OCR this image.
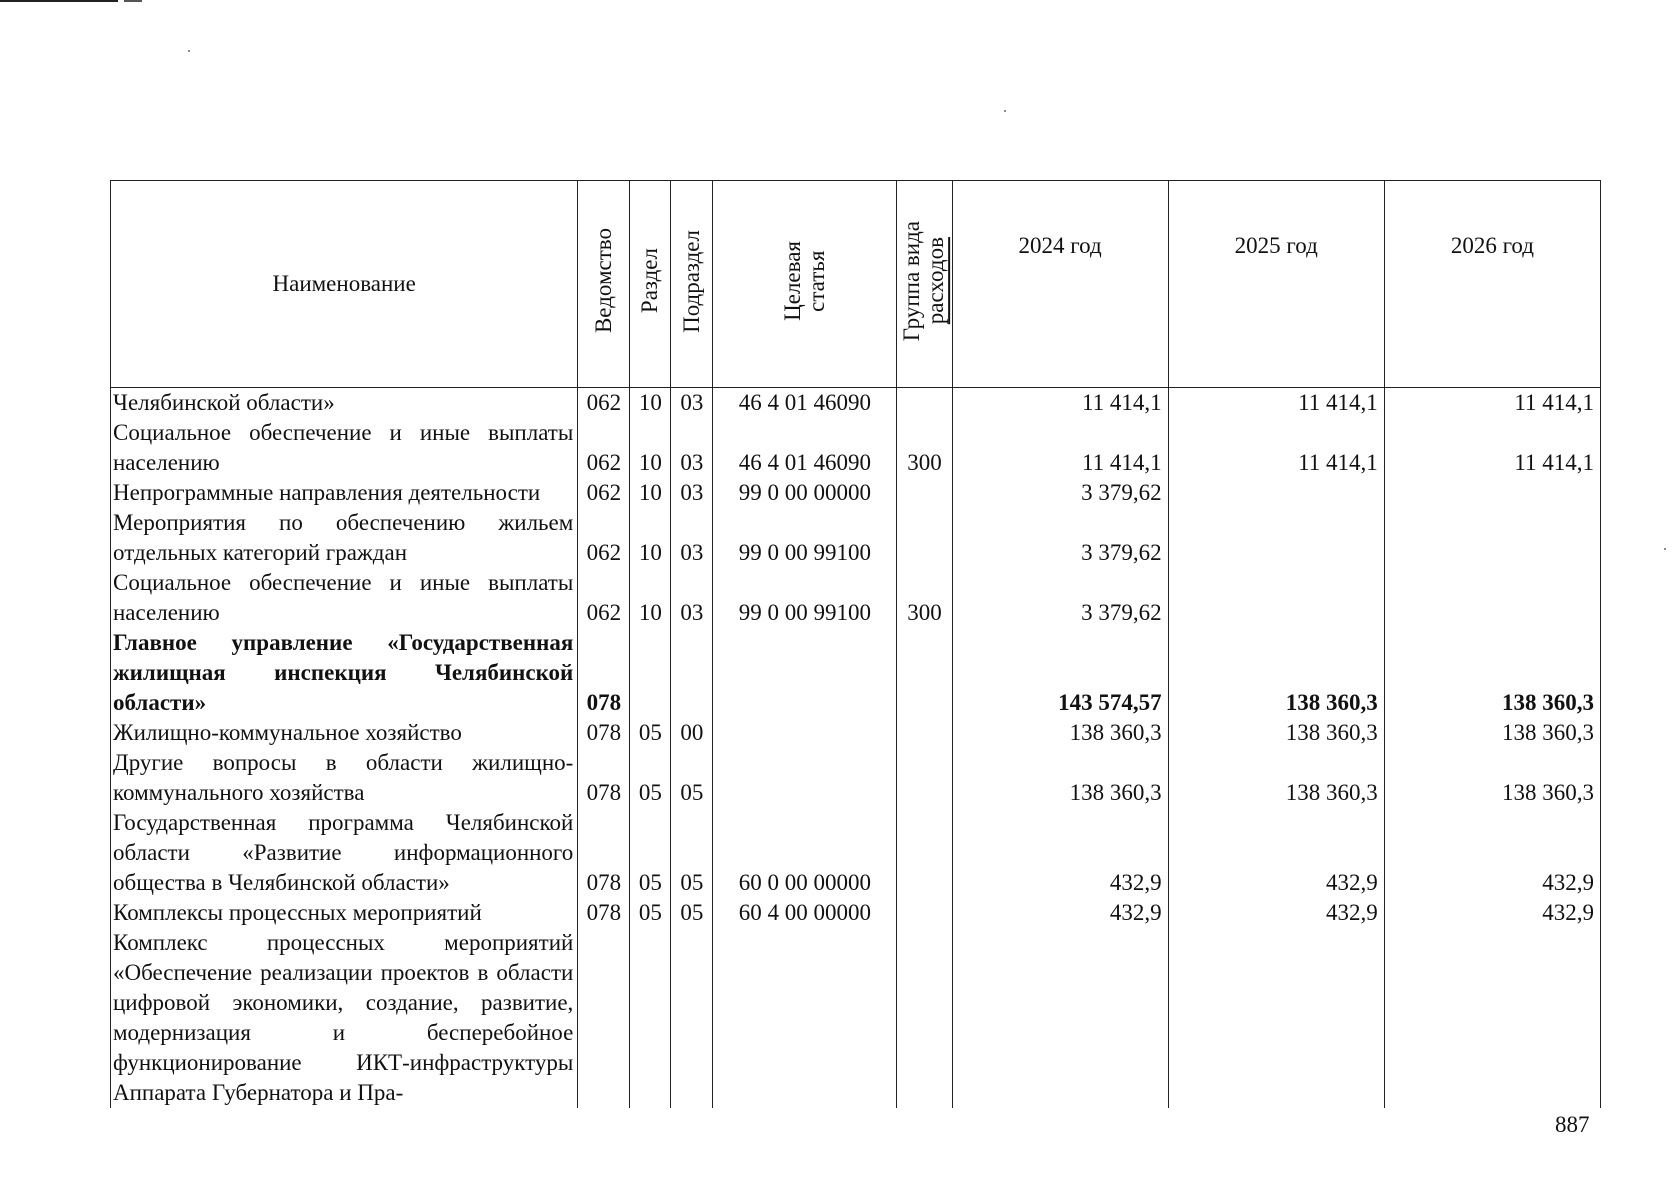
Наименование	Ведомство	Раздел	Подраздел	Целевая статья	Группа вида расходов	2024 год	2025 год	2026 год
Челябинской области»	062	10	03	46 4 01 46090		11 414,1	11 414,1	11 414,1
Социальное обеспечение и иные выплаты населению	062	10	03	46 4 01 46090	300	11 414,1	11 414,1	11 414,1
Непрограммные направления деятельности	062	10	03	99 0 00 00000		3 379,62		
Мероприятия по обеспечению жильем отдельных категорий граждан	062	10	03	99 0 00 99100		3 379,62		
Социальное обеспечение и иные выплаты населению	062	10	03	99 0 00 99100	300	3 379,62		
Главное управление «Государственная жилищная инспекция Челябинской области»	078					143 574,57	138 360,3	138 360,3
Жилищно-коммунальное хозяйство	078	05	00			138 360,3	138 360,3	138 360,3
Другие вопросы в области жилищно-коммунального хозяйства	078	05	05			138 360,3	138 360,3	138 360,3
Государственная программа Челябинской области «Развитие информационного общества в Челябинской области»	078	05	05	60 0 00 00000		432,9	432,9	432,9
Комплексы процессных мероприятий	078	05	05	60 4 00 00000		432,9	432,9	432,9
Комплекс процессных мероприятий «Обеспечение реализации проектов в области цифровой экономики, создание, развитие, модернизация и бесперебойное функционирование ИКТ-инфраструктуры Аппарата Губернатора и Пра-								
887
